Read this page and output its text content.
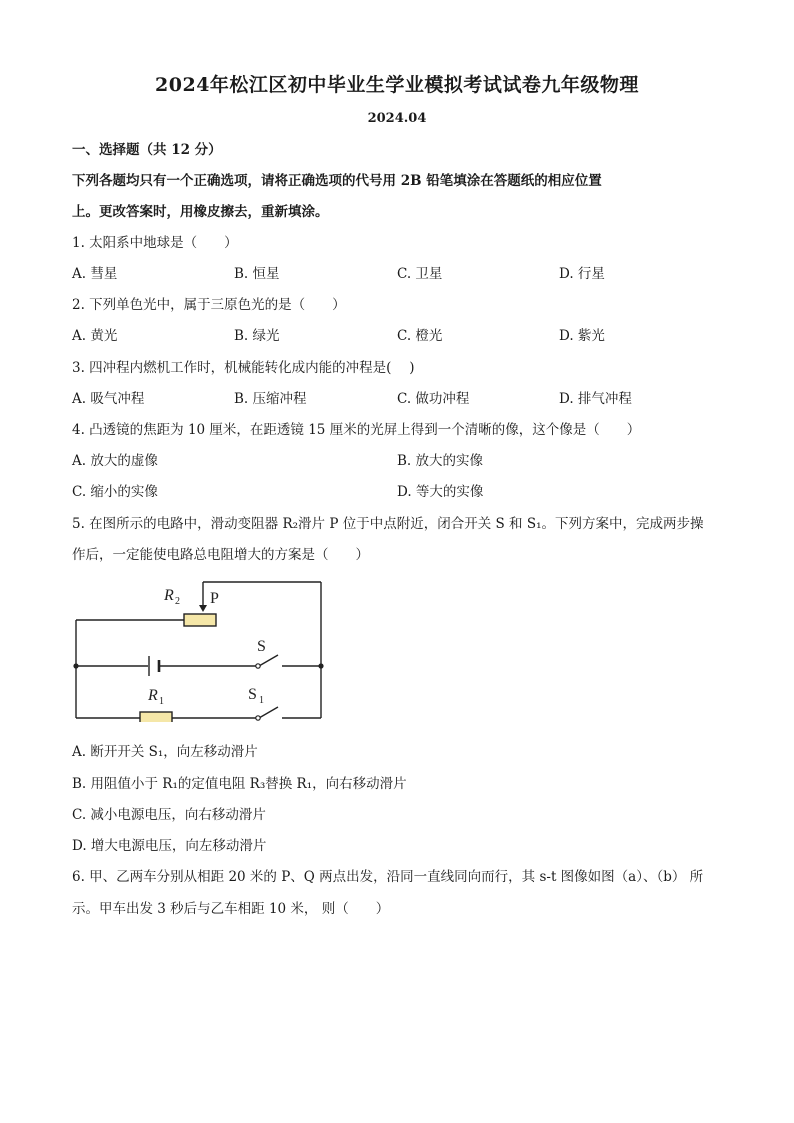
2024年松江区初中毕业生学业模拟考试试卷九年级物理
2024.04
一、选择题（共 12 分）
下列各题均只有一个正确选项，请将正确选项的代号用 2B 铅笔填涂在答题纸的相应位置
上。更改答案时，用橡皮擦去，重新填涂。
1. 太阳系中地球是（　　）
A. 彗星	B. 恒星	C. 卫星	D. 行星
2. 下列单色光中，属于三原色光的是（　　）
A. 黄光	B. 绿光	C. 橙光	D. 紫光
3. 四冲程内燃机工作时，机械能转化成内能的冲程是(　 )
A. 吸气冲程	B. 压缩冲程	C. 做功冲程	D. 排气冲程
4. 凸透镜的焦距为 10 厘米，在距透镜 15 厘米的光屏上得到一个清晰的像，这个像是（　　）
A. 放大的虚像	B. 放大的实像
C. 缩小的实像	D. 等大的实像
5. 在图所示的电路中，滑动变阻器 R₂滑片 P 位于中点附近，闭合开关 S 和 S₁。下列方案中，完成两步操
作后，一定能使电路总电阻增大的方案是（　　）
R 2 P
S
R 1	S 1
A. 断开开关 S₁，向左移动滑片
B. 用阻值小于 R₁的定值电阻 R₃替换 R₁，向右移动滑片
C. 减小电源电压，向右移动滑片
D. 增大电源电压，向左移动滑片
6. 甲、乙两车分别从相距 20 米的 P、Q 两点出发，沿同一直线同向而行，其 s-t 图像如图（a）、（b） 所
示。甲车出发 3 秒后与乙车相距 10 米， 则（　　）
